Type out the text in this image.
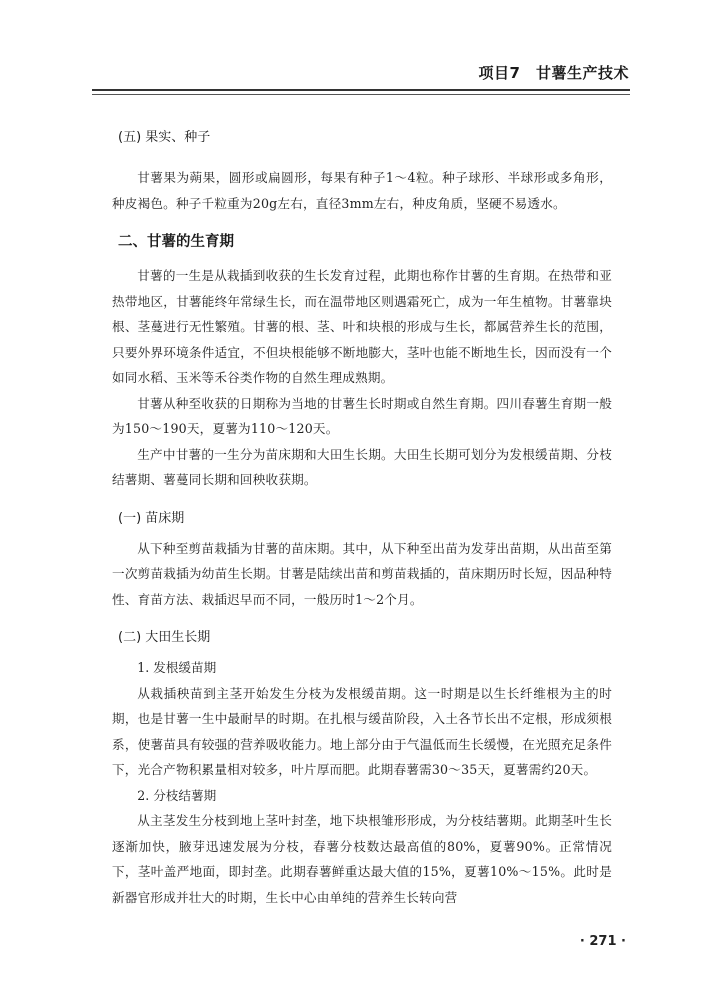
项目7　甘薯生产技术
(五) 果实、种子

甘薯果为蒴果，圆形或扁圆形，每果有种子1～4粒。种子球形、半球形或多角形，种皮褐色。种子千粒重为20g左右，直径3mm左右，种皮角质，坚硬不易透水。

二、甘薯的生育期

甘薯的一生是从栽插到收获的生长发育过程，此期也称作甘薯的生育期。在热带和亚热带地区，甘薯能终年常绿生长，而在温带地区则遇霜死亡，成为一年生植物。甘薯靠块根、茎蔓进行无性繁殖。甘薯的根、茎、叶和块根的形成与生长，都属营养生长的范围，只要外界环境条件适宜，不但块根能够不断地膨大，茎叶也能不断地生长，因而没有一个如同水稻、玉米等禾谷类作物的自然生理成熟期。

甘薯从种至收获的日期称为当地的甘薯生长时期或自然生育期。四川春薯生育期一般为150～190天，夏薯为110～120天。

生产中甘薯的一生分为苗床期和大田生长期。大田生长期可划分为发根缓苗期、分枝结薯期、薯蔓同长期和回秧收获期。

(一) 苗床期

从下种至剪苗栽插为甘薯的苗床期。其中，从下种至出苗为发芽出苗期，从出苗至第一次剪苗栽插为幼苗生长期。甘薯是陆续出苗和剪苗栽插的，苗床期历时长短，因品种特性、育苗方法、栽插迟早而不同，一般历时1～2个月。

(二) 大田生长期

1. 发根缓苗期

从栽插秧苗到主茎开始发生分枝为发根缓苗期。这一时期是以生长纤维根为主的时期，也是甘薯一生中最耐旱的时期。在扎根与缓苗阶段，入土各节长出不定根，形成须根系，使薯苗具有较强的营养吸收能力。地上部分由于气温低而生长缓慢，在光照充足条件下，光合产物积累量相对较多，叶片厚而肥。此期春薯需30～35天，夏薯需约20天。

2. 分枝结薯期

从主茎发生分枝到地上茎叶封垄，地下块根雏形形成，为分枝结薯期。此期茎叶生长逐渐加快，腋芽迅速发展为分枝，春薯分枝数达最高值的80%，夏薯90%。正常情况下，茎叶盖严地面，即封垄。此期春薯鲜重达最大值的15%，夏薯10%～15%。此时是新器官形成并壮大的时期，生长中心由单纯的营养生长转向营

· 271 ·
